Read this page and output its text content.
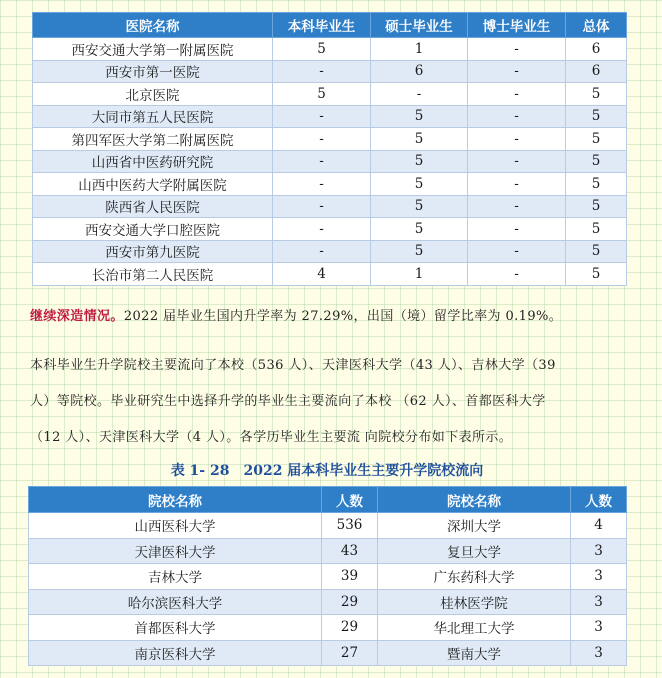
医院名称	本科毕业生	硕士毕业生	博士毕业生	总体
西安交通大学第一附属医院	5	1	-	6
西安市第一医院	-	6	-	6
北京医院	5	-	-	5
大同市第五人民医院	-	5	-	5
第四军医大学第二附属医院	-	5	-	5
山西省中医药研究院	-	5	-	5
山西中医药大学附属医院	-	5	-	5
陕西省人民医院	-	5	-	5
西安交通大学口腔医院	-	5	-	5
西安市第九医院	-	5	-	5
长治市第二人民医院	4	1	-	5
继续深造情况。2022 届毕业生国内升学率为 27.29%，出国（境）留学比率为 0.19%。
本科毕业生升学院校主要流向了本校（536 人）、天津医科大学（43 人）、吉林大学（39
人）等院校。毕业研究生中选择升学的毕业生主要流向了本校 （62 人）、首都医科大学
（12 人）、天津医科大学（4 人）。各学历毕业生主要流 向院校分布如下表所示。
表 1- 28　2022 届本科毕业生主要升学院校流向
院校名称	人数	院校名称	人数
山西医科大学	536	深圳大学	4
天津医科大学	43	复旦大学	3
吉林大学	39	广东药科大学	3
哈尔滨医科大学	29	桂林医学院	3
首都医科大学	29	华北理工大学	3
南京医科大学	27	暨南大学	3
